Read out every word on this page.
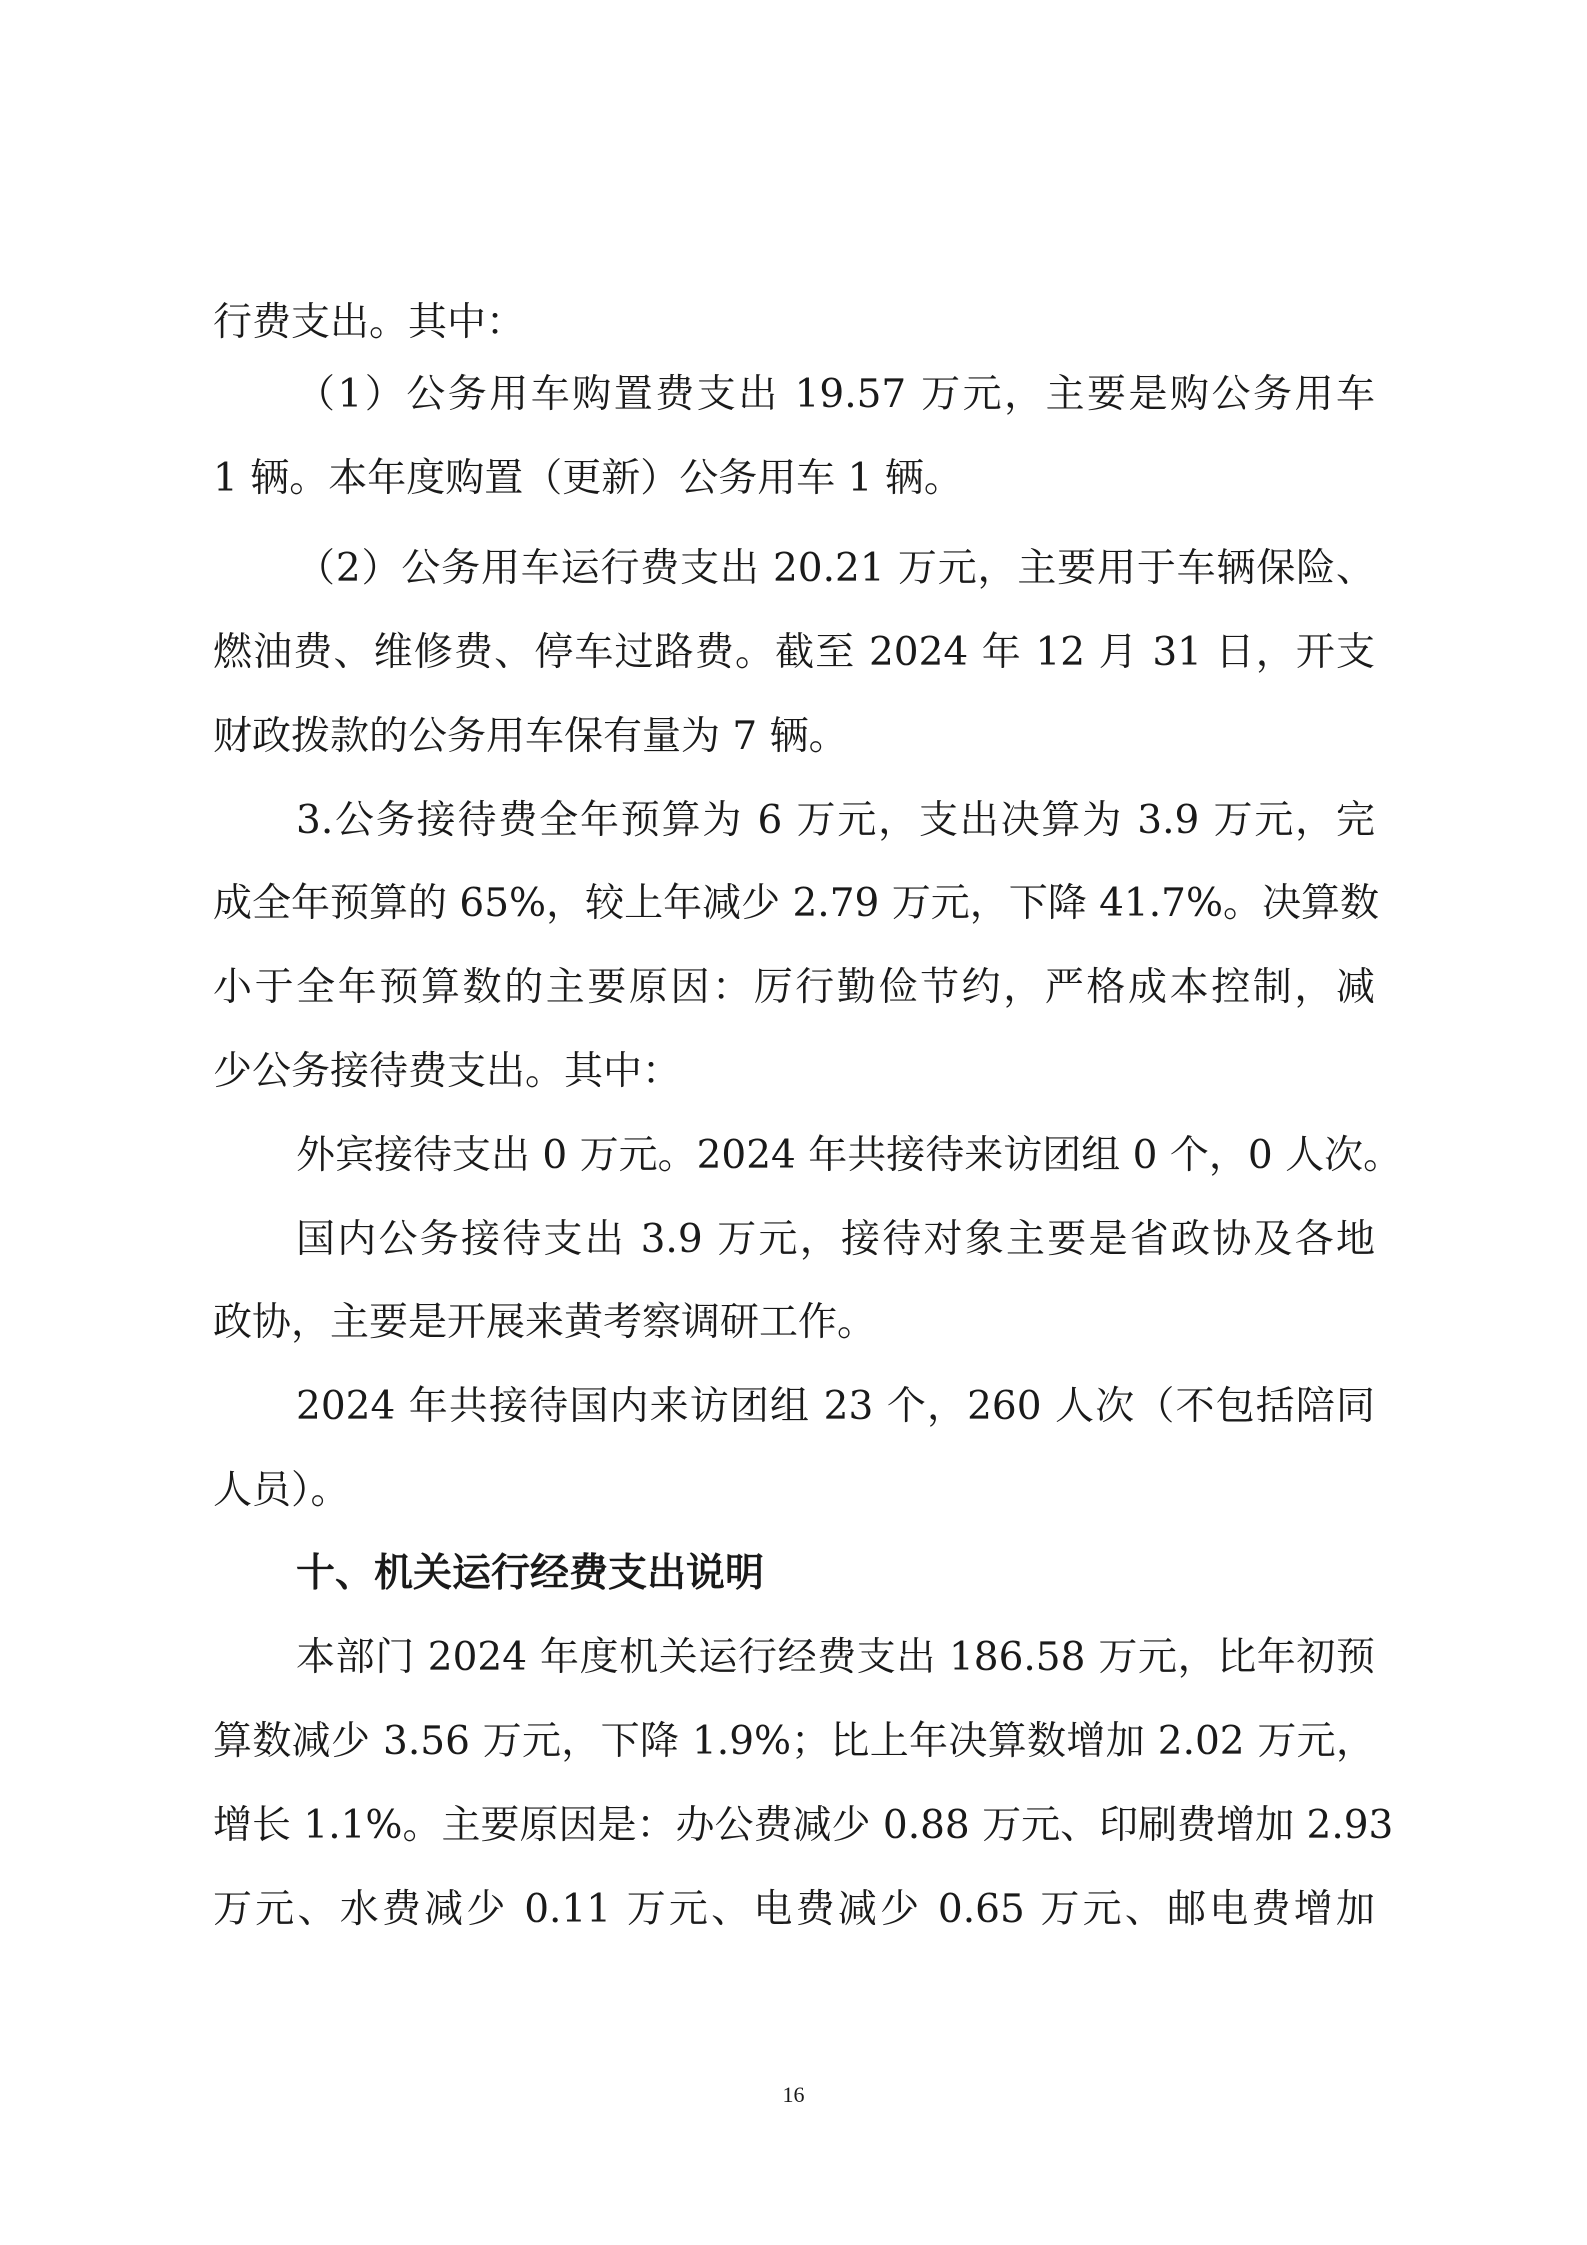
行费支出。其中：

（1）公务用车购置费支出 19.57 万元，主要是购公务用车

1 辆。本年度购置（更新）公务用车 1 辆。

（2）公务用车运行费支出 20.21 万元，主要用于车辆保险、

燃油费、维修费、停车过路费。截至 2024 年 12 月 31 日，开支

财政拨款的公务用车保有量为 7 辆。

3.公务接待费全年预算为 6 万元，支出决算为 3.9 万元，完

成全年预算的 65%，较上年减少 2.79 万元，下降 41.7%。决算数

小于全年预算数的主要原因：厉行勤俭节约，严格成本控制，减

少公务接待费支出。其中：

外宾接待支出 0 万元。2024 年共接待来访团组 0 个，0 人次。

国内公务接待支出 3.9 万元，接待对象主要是省政协及各地

政协，主要是开展来黄考察调研工作。

2024 年共接待国内来访团组 23 个，260 人次（不包括陪同

人员）。

十、机关运行经费支出说明

本部门 2024 年度机关运行经费支出 186.58 万元，比年初预

算数减少 3.56 万元，下降 1.9%；比上年决算数增加 2.02 万元，

增长 1.1%。主要原因是：办公费减少 0.88 万元、印刷费增加 2.93

万元、水费减少 0.11 万元、电费减少 0.65 万元、邮电费增加

16
